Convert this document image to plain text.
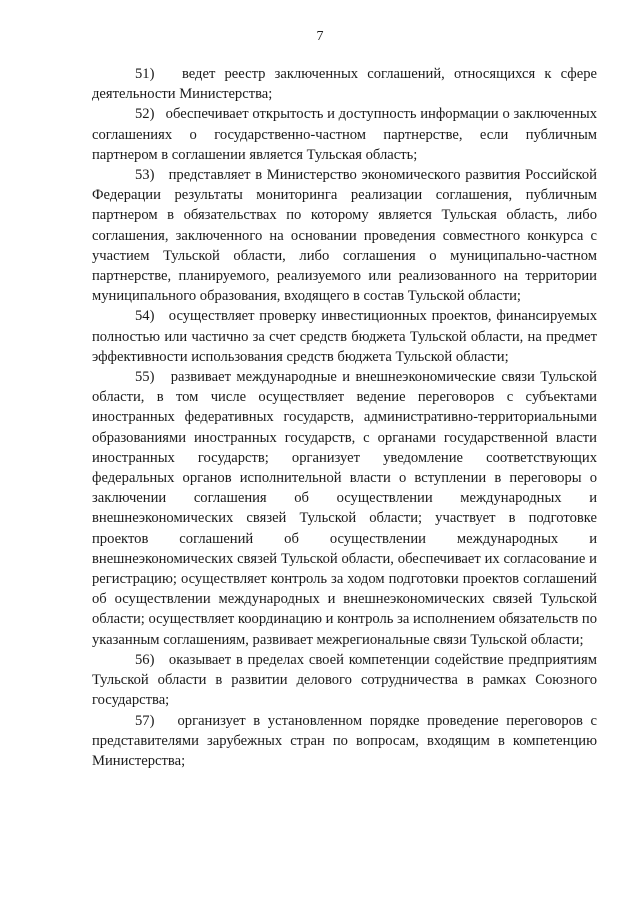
7

51) ведет реестр заключенных соглашений, относящихся к сфере деятельности Министерства;

52) обеспечивает открытость и доступность информации о заключенных соглашениях о государственно-частном партнерстве, если публичным партнером в соглашении является Тульская область;

53) представляет в Министерство экономического развития Российской Федерации результаты мониторинга реализации соглашения, публичным партнером в обязательствах по которому является Тульская область, либо соглашения, заключенного на основании проведения совместного конкурса с участием Тульской области, либо соглашения о муниципально-частном партнерстве, планируемого, реализуемого или реализованного на территории муниципального образования, входящего в состав Тульской области;

54) осуществляет проверку инвестиционных проектов, финансируемых полностью или частично за счет средств бюджета Тульской области, на предмет эффективности использования средств бюджета Тульской области;

55) развивает международные и внешнеэкономические связи Тульской области, в том числе осуществляет ведение переговоров с субъектами иностранных федеративных государств, административно-территориальными образованиями иностранных государств, с органами государственной власти иностранных государств; организует уведомление соответствующих федеральных органов исполнительной власти о вступлении в переговоры о заключении соглашения об осуществлении международных и внешнеэкономических связей Тульской области; участвует в подготовке проектов соглашений об осуществлении международных и внешнеэкономических связей Тульской области, обеспечивает их согласование и регистрацию; осуществляет контроль за ходом подготовки проектов соглашений об осуществлении международных и внешнеэкономических связей Тульской области; осуществляет координацию и контроль за исполнением обязательств по указанным соглашениям, развивает межрегиональные связи Тульской области;

56) оказывает в пределах своей компетенции содействие предприятиям Тульской области в развитии делового сотрудничества в рамках Союзного государства;

57) организует в установленном порядке проведение переговоров с представителями зарубежных стран по вопросам, входящим в компетенцию Министерства;
